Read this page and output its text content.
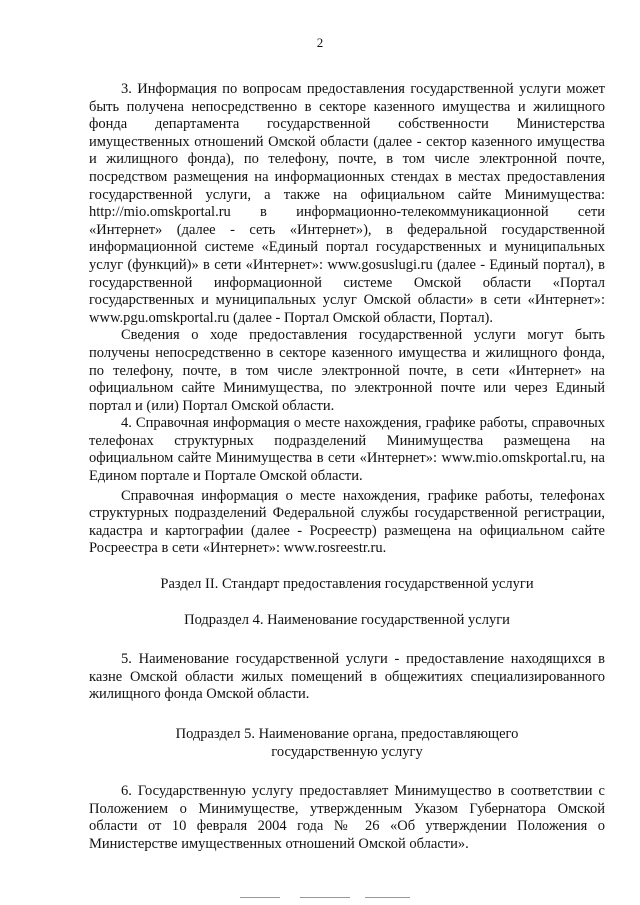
2

3. Информация по вопросам предоставления государственной услуги может быть получена непосредственно в секторе казенного имущества и жилищного фонда департамента государственной собственности Министерства имущественных отношений Омской области (далее - сектор казенного имущества и жилищного фонда), по телефону, почте, в том числе электронной почте, посредством размещения на информационных стендах в местах предоставления государственной услуги, а также на официальном сайте Минимущества: http://mio.omskportal.ru в информационно-телекоммуникационной сети «Интернет» (далее - сеть «Интернет»), в федеральной государственной информационной системе «Единый портал государственных и муниципальных услуг (функций)» в сети «Интернет»: www.gosuslugi.ru (далее - Единый портал), в государственной информационной системе Омской области «Портал государственных и муниципальных услуг Омской области» в сети «Интернет»: www.pgu.omskportal.ru (далее - Портал Омской области, Портал).

Сведения о ходе предоставления государственной услуги могут быть получены непосредственно в секторе казенного имущества и жилищного фонда, по телефону, почте, в том числе электронной почте, в сети «Интернет» на официальном сайте Минимущества, по электронной почте или через Единый портал и (или) Портал Омской области.

4. Справочная информация о месте нахождения, графике работы, справочных телефонах структурных подразделений Минимущества размещена на официальном сайте Минимущества в сети «Интернет»: www.mio.omskportal.ru, на Едином портале и Портале Омской области.

Справочная информация о месте нахождения, графике работы, телефонах структурных подразделений Федеральной службы государственной регистрации, кадастра и картографии (далее - Росреестр) размещена на официальном сайте Росреестра в сети «Интернет»: www.rosreestr.ru.

Раздел II. Стандарт предоставления государственной услуги

Подраздел 4. Наименование государственной услуги

5. Наименование государственной услуги - предоставление находящихся в казне Омской области жилых помещений в общежитиях специализированного жилищного фонда Омской области.

Подраздел 5. Наименование органа, предоставляющего

государственную услугу

6. Государственную услугу предоставляет Минимущество в соответствии с Положением о Минимуществе, утвержденным Указом Губернатора Омской области от 10 февраля 2004 года № 26 «Об утверждении Положения о Министерстве имущественных отношений Омской области».
